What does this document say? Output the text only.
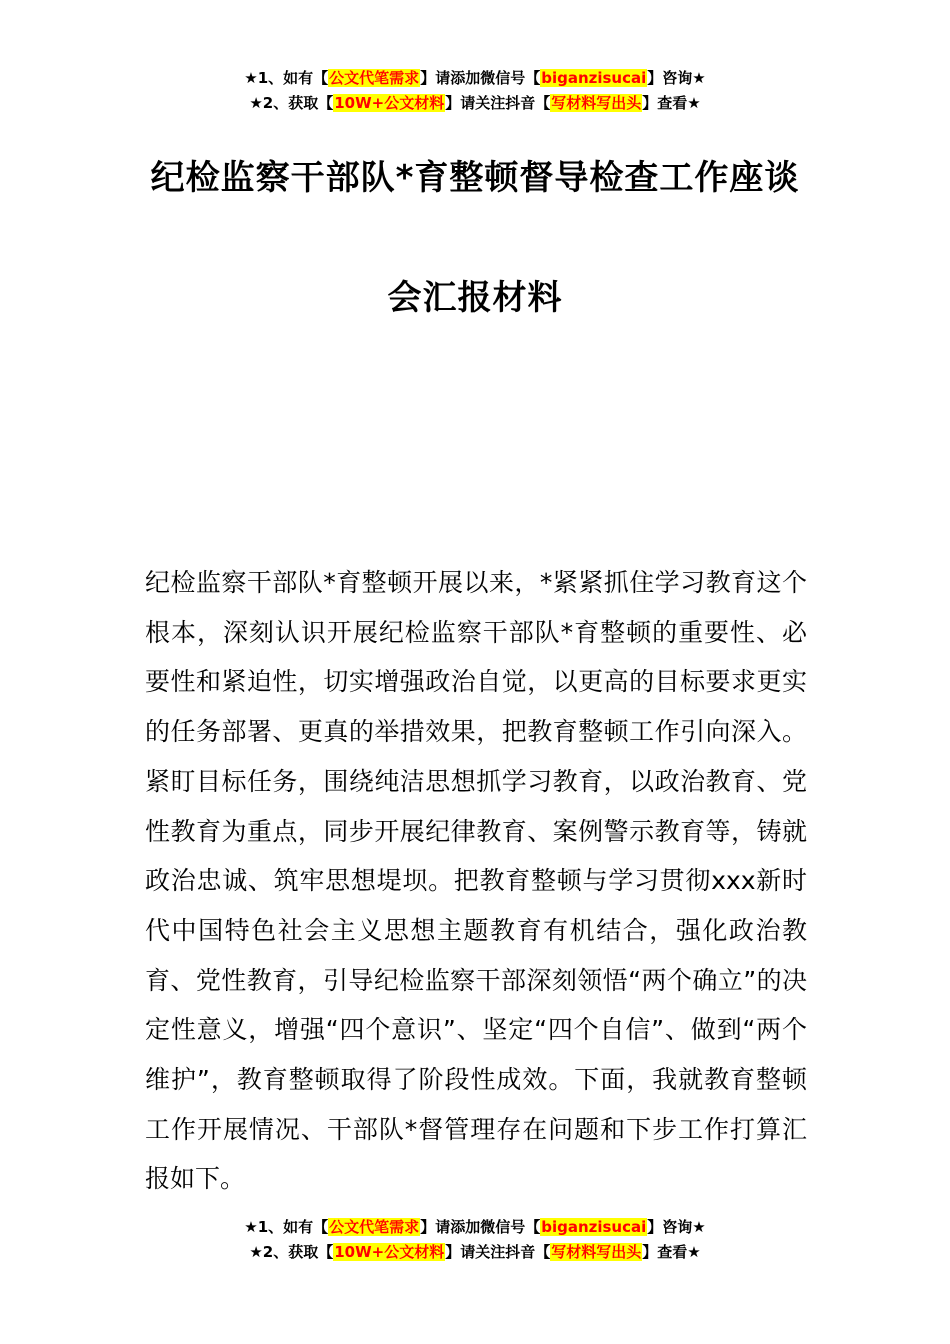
★1、如有【公文代笔需求】请添加微信号【biganzisucai】咨询★
★2、获取【10W+公文材料】请关注抖音【写材料写出头】查看★
纪检监察干部队*育整顿督导检查工作座谈
会汇报材料
纪检监察干部队*育整顿开展以来，*紧紧抓住学习教育这个根本，深刻认识开展纪检监察干部队*育整顿的重要性、必要性和紧迫性，切实增强政治自觉，以更高的目标要求更实的任务部署、更真的举措效果，把教育整顿工作引向深入。紧盯目标任务，围绕纯洁思想抓学习教育，以政治教育、党性教育为重点，同步开展纪律教育、案例警示教育等，铸就政治忠诚、筑牢思想堤坝。把教育整顿与学习贯彻xxx新时代中国特色社会主义思想主题教育有机结合，强化政治教育、党性教育，引导纪检监察干部深刻领悟“两个确立”的决定性意义，增强“四个意识”、坚定“四个自信”、做到“两个维护”，教育整顿取得了阶段性成效。下面，我就教育整顿工作开展情况、干部队*督管理存在问题和下步工作打算汇报如下。
★1、如有【公文代笔需求】请添加微信号【biganzisucai】咨询★
★2、获取【10W+公文材料】请关注抖音【写材料写出头】查看★
